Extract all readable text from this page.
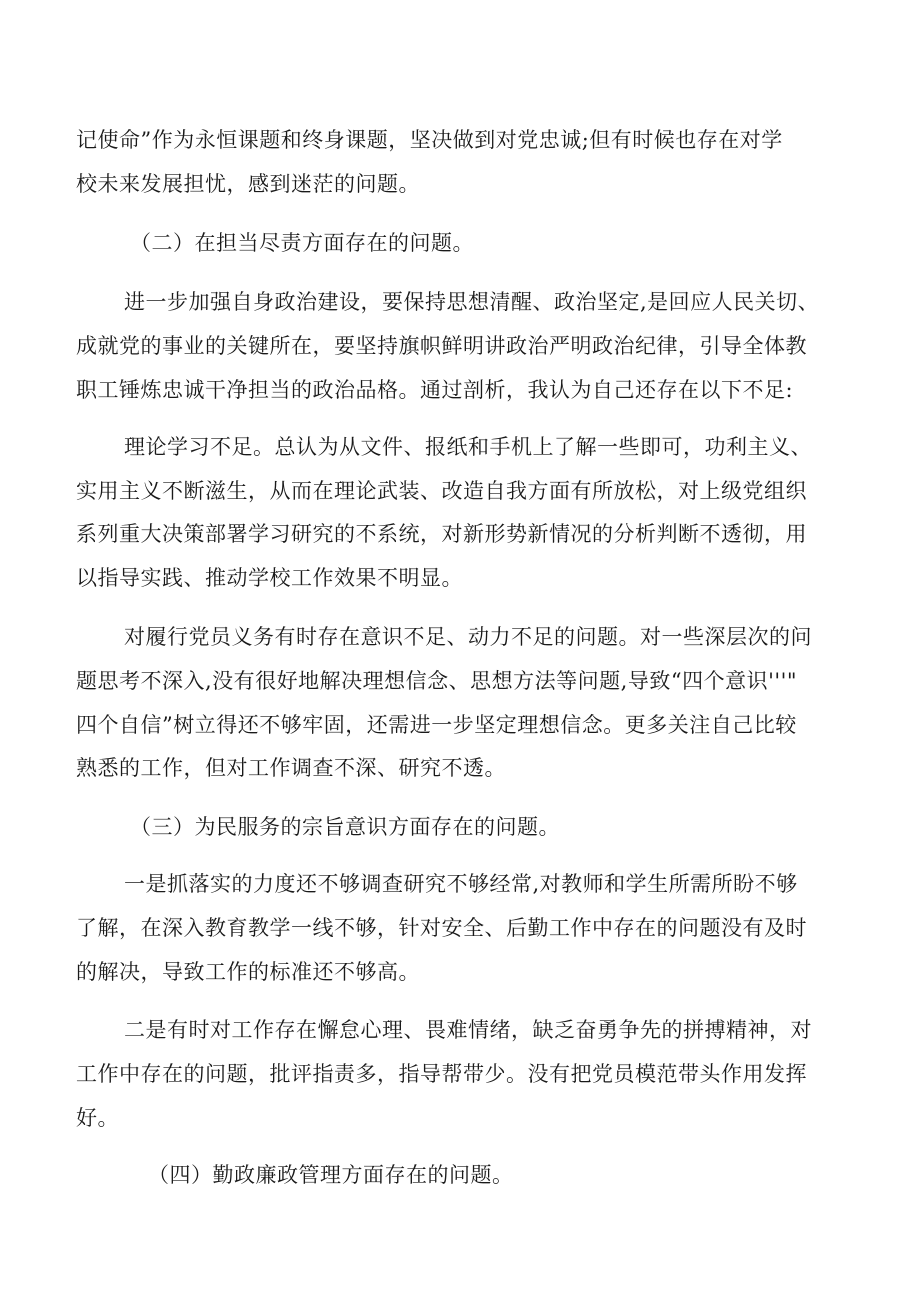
记使命”作为永恒课题和终身课题，坚决做到对党忠诚;但有时候也存在对学
校未来发展担忧，感到迷茫的问题。
（二）在担当尽责方面存在的问题。
进一步加强自身政治建设，要保持思想清醒、政治坚定,是回应人民关切、
成就党的事业的关键所在，要坚持旗帜鲜明讲政治严明政治纪律，引导全体教
职工锤炼忠诚干净担当的政治品格。通过剖析，我认为自己还存在以下不足:
理论学习不足。总认为从文件、报纸和手机上了解一些即可，功利主义、
实用主义不断滋生，从而在理论武装、改造自我方面有所放松，对上级党组织
系列重大决策部署学习研究的不系统，对新形势新情况的分析判断不透彻，用
以指导实践、推动学校工作效果不明显。
对履行党员义务有时存在意识不足、动力不足的问题。对一些深层次的问
题思考不深入,没有很好地解决理想信念、思想方法等问题,导致“四个意识'''"
四个自信”树立得还不够牢固，还需进一步坚定理想信念。更多关注自己比较
熟悉的工作，但对工作调查不深、研究不透。
（三）为民服务的宗旨意识方面存在的问题。
一是抓落实的力度还不够调查研究不够经常,对教师和学生所需所盼不够
了解，在深入教育教学一线不够，针对安全、后勤工作中存在的问题没有及时
的解决，导致工作的标准还不够高。
二是有时对工作存在懈怠心理、畏难情绪，缺乏奋勇争先的拼搏精神，对
工作中存在的问题，批评指责多，指导帮带少。没有把党员模范带头作用发挥
好。
（四）勤政廉政管理方面存在的问题。
